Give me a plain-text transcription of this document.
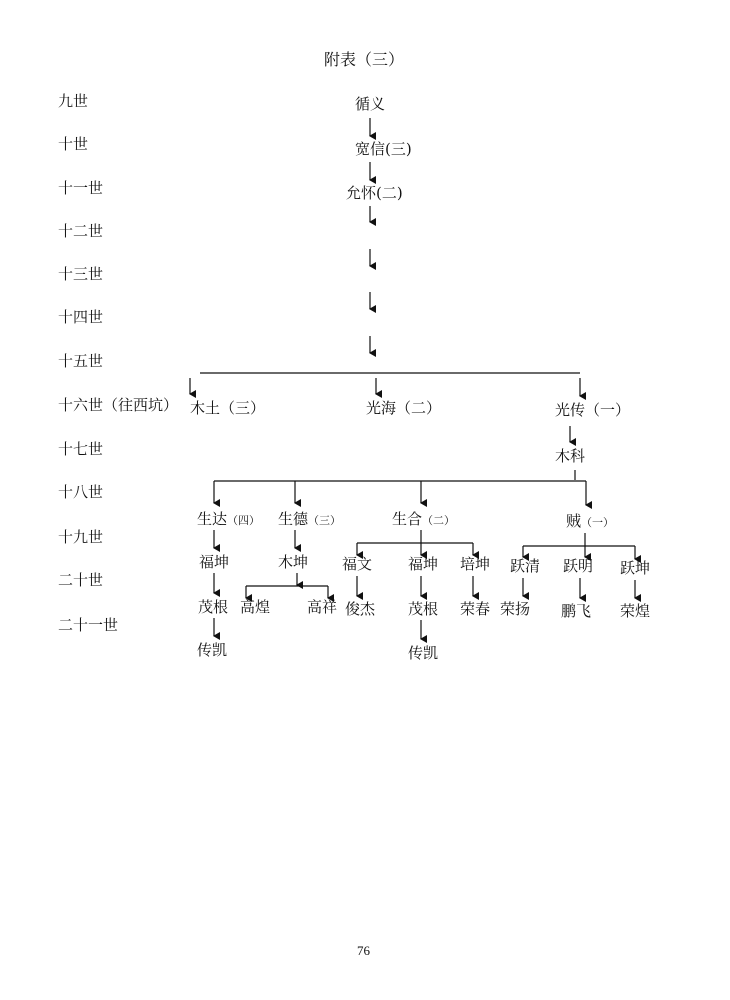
附表（三）
九世
十世
十一世
十二世
十三世
十四世
十五世
十六世（往西坑）
十七世
十八世
十九世
二十世
二十一世
循义
宽信(三)
允怀(二)
木土（三）	光海（二）	光传（一）
木科
生达（四） 生德（三）	生合（二）	贼（一）
福坤	木坤 福文 福坤 培坤 跃清 跃明 跃坤
茂根 高煌 高祥 俊杰 茂根 荣春 荣扬 鹏飞 荣煌
传凯	传凯
76
